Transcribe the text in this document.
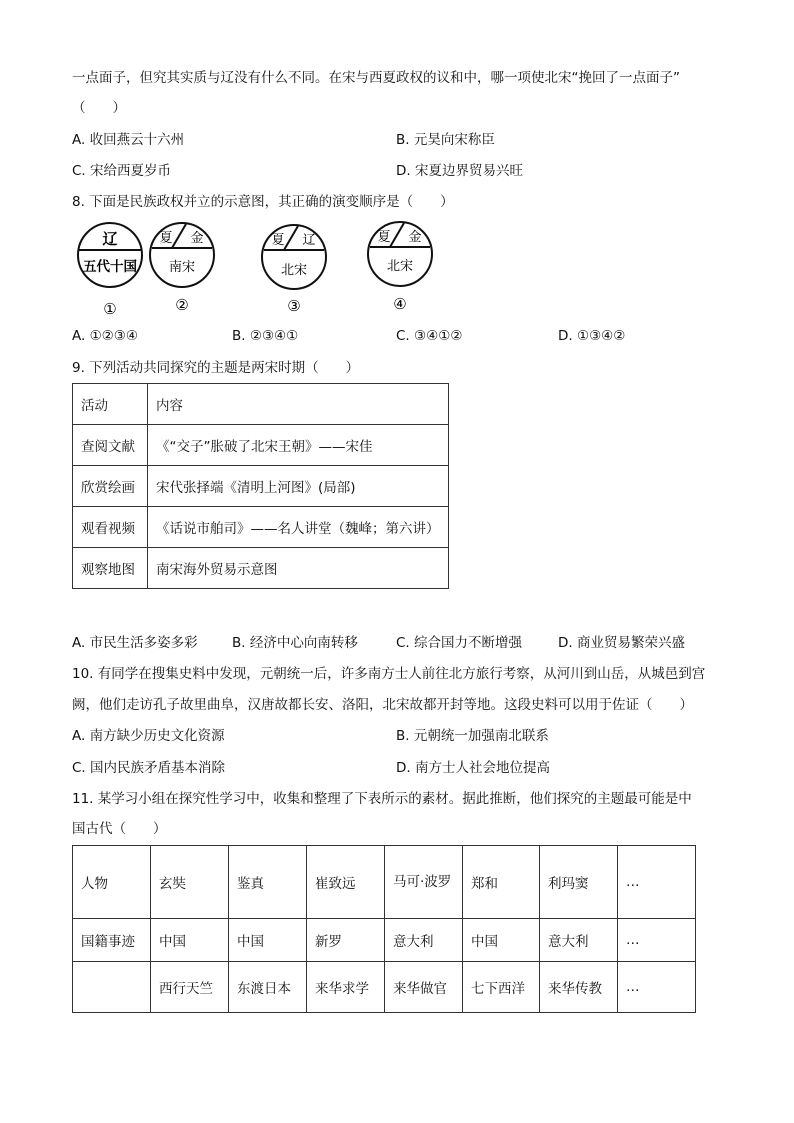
一点面子，但究其实质与辽没有什么不同。在宋与西夏政权的议和中，哪一项使北宋“挽回了一点面子”
（　　）
A. 收回燕云十六州	B. 元昊向宋称臣
C. 宋给西夏岁币	D. 宋夏边界贸易兴旺
8. 下面是民族政权并立的示意图，其正确的演变顺序是（　　）
辽
五代十国
①
夏 金
南宋
②
夏 辽
北宋
③
夏 金
北宋
④
A. ①②③④	B. ②③④①	C. ③④①②	D. ①③④②
9. 下列活动共同探究的主题是两宋时期（　　）
活动	内容
查阅文献	《“交子”胀破了北宋王朝》——宋佳
欣赏绘画	宋代张择端《清明上河图》(局部)
观看视频	《话说市舶司》——名人讲堂（魏峰；第六讲）
观察地图	南宋海外贸易示意图
A. 市民生活多姿多彩	B. 经济中心向南转移	C. 综合国力不断增强	D. 商业贸易繁荣兴盛
10. 有同学在搜集史料中发现，元朝统一后，许多南方士人前往北方旅行考察，从河川到山岳，从城邑到宫
阙，他们走访孔子故里曲阜，汉唐故都长安、洛阳，北宋故都开封等地。这段史料可以用于佐证（　　）
A. 南方缺少历史文化资源	B. 元朝统一加强南北联系
C. 国内民族矛盾基本消除	D. 南方士人社会地位提高
11. 某学习小组在探究性学习中，收集和整理了下表所示的素材。据此推断，他们探究的主题最可能是中
国古代（　　）
人物	玄奘	鉴真	崔致远	马可·波罗	郑和	利玛窦	…
国籍事迹	中国	中国	新罗	意大利	中国	意大利	…
	西行天竺	东渡日本	来华求学	来华做官	七下西洋	来华传教	…
